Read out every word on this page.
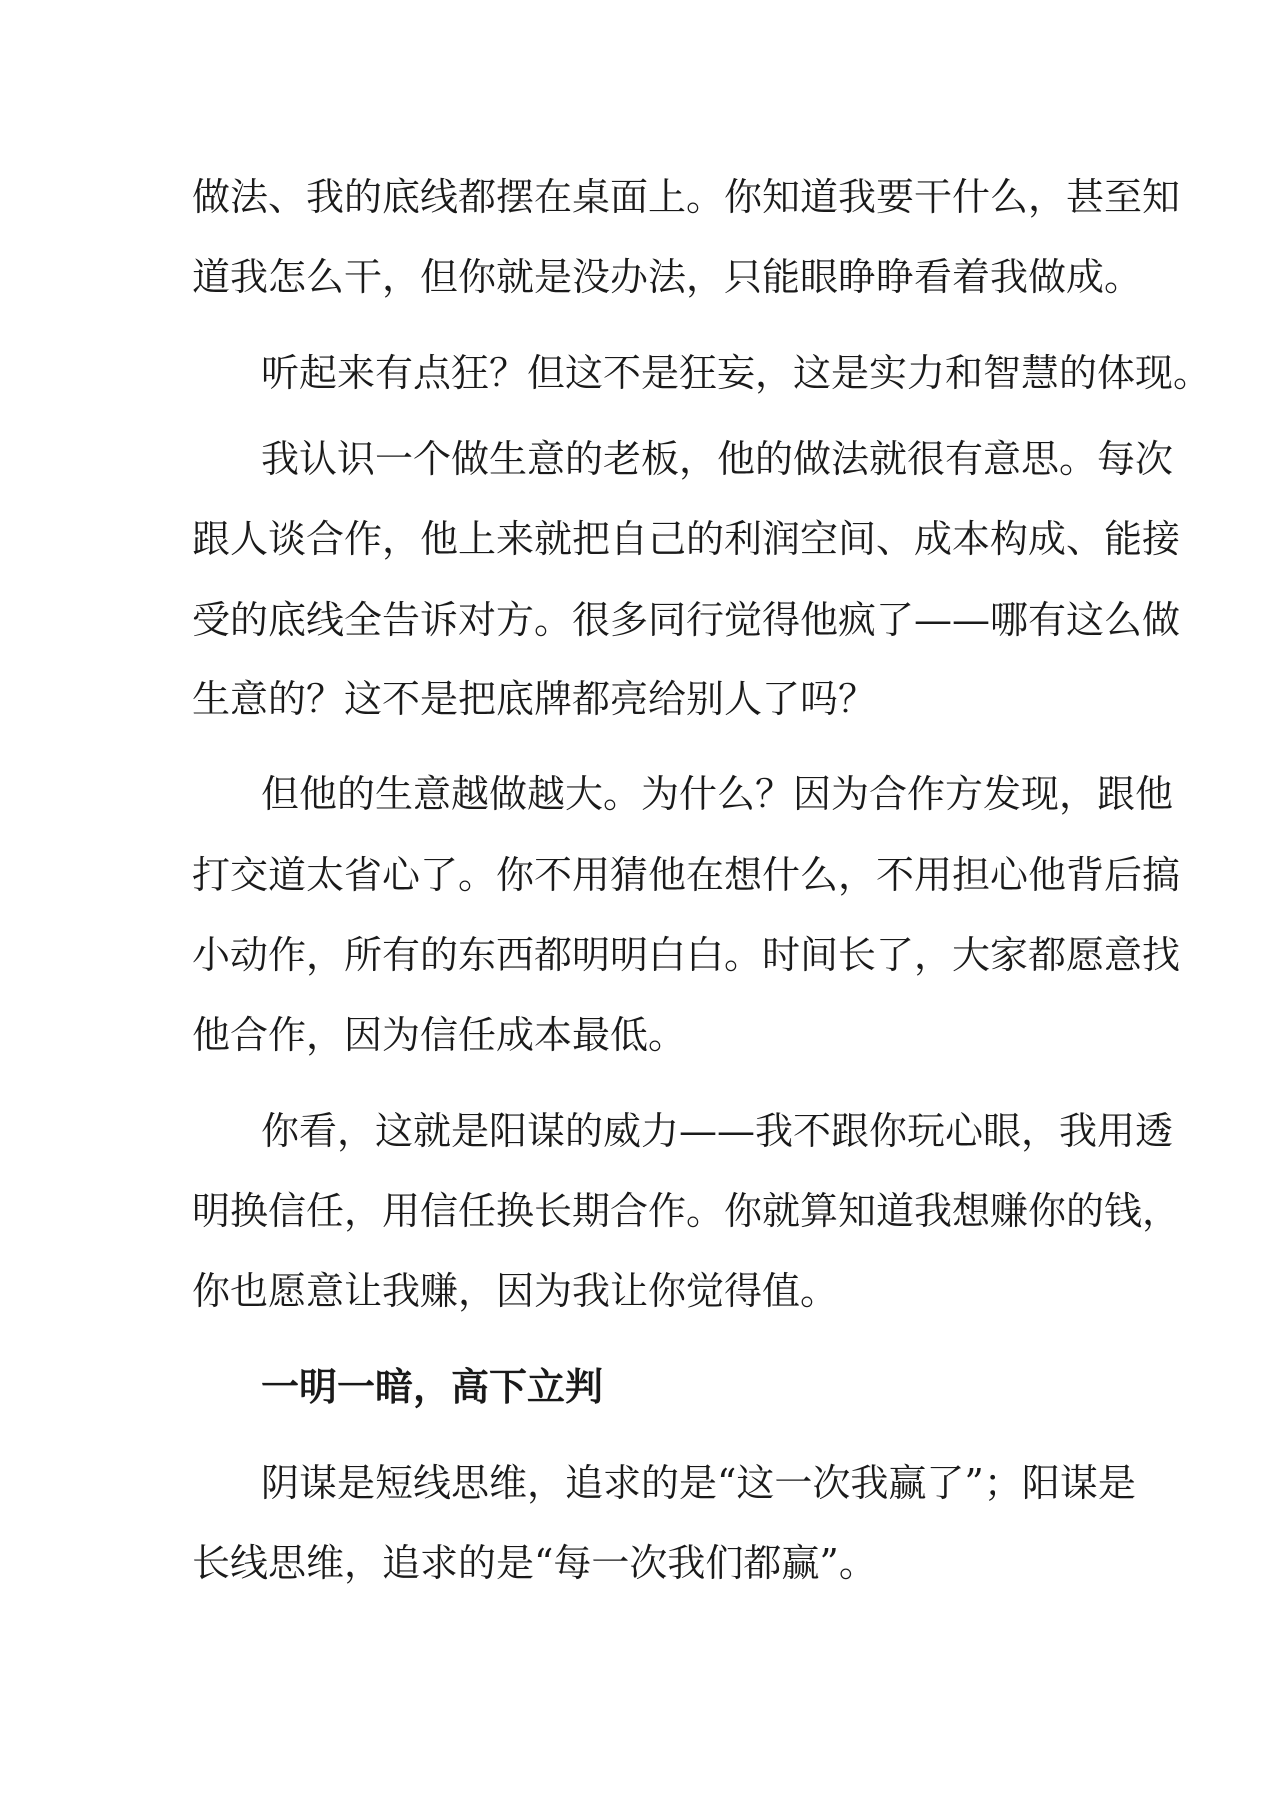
做法、我的底线都摆在桌面上。你知道我要干什么，甚至知
道我怎么干，但你就是没办法，只能眼睁睁看着我做成。
听起来有点狂？但这不是狂妄，这是实力和智慧的体现。
我认识一个做生意的老板，他的做法就很有意思。每次
跟人谈合作，他上来就把自己的利润空间、成本构成、能接
受的底线全告诉对方。很多同行觉得他疯了——哪有这么做
生意的？这不是把底牌都亮给别人了吗？
但他的生意越做越大。为什么？因为合作方发现，跟他
打交道太省心了。你不用猜他在想什么，不用担心他背后搞
小动作，所有的东西都明明白白。时间长了，大家都愿意找
他合作，因为信任成本最低。
你看，这就是阳谋的威力——我不跟你玩心眼，我用透
明换信任，用信任换长期合作。你就算知道我想赚你的钱，
你也愿意让我赚，因为我让你觉得值。
一明一暗，高下立判
阴谋是短线思维，追求的是“这一次我赢了”；阳谋是
长线思维，追求的是“每一次我们都赢”。
